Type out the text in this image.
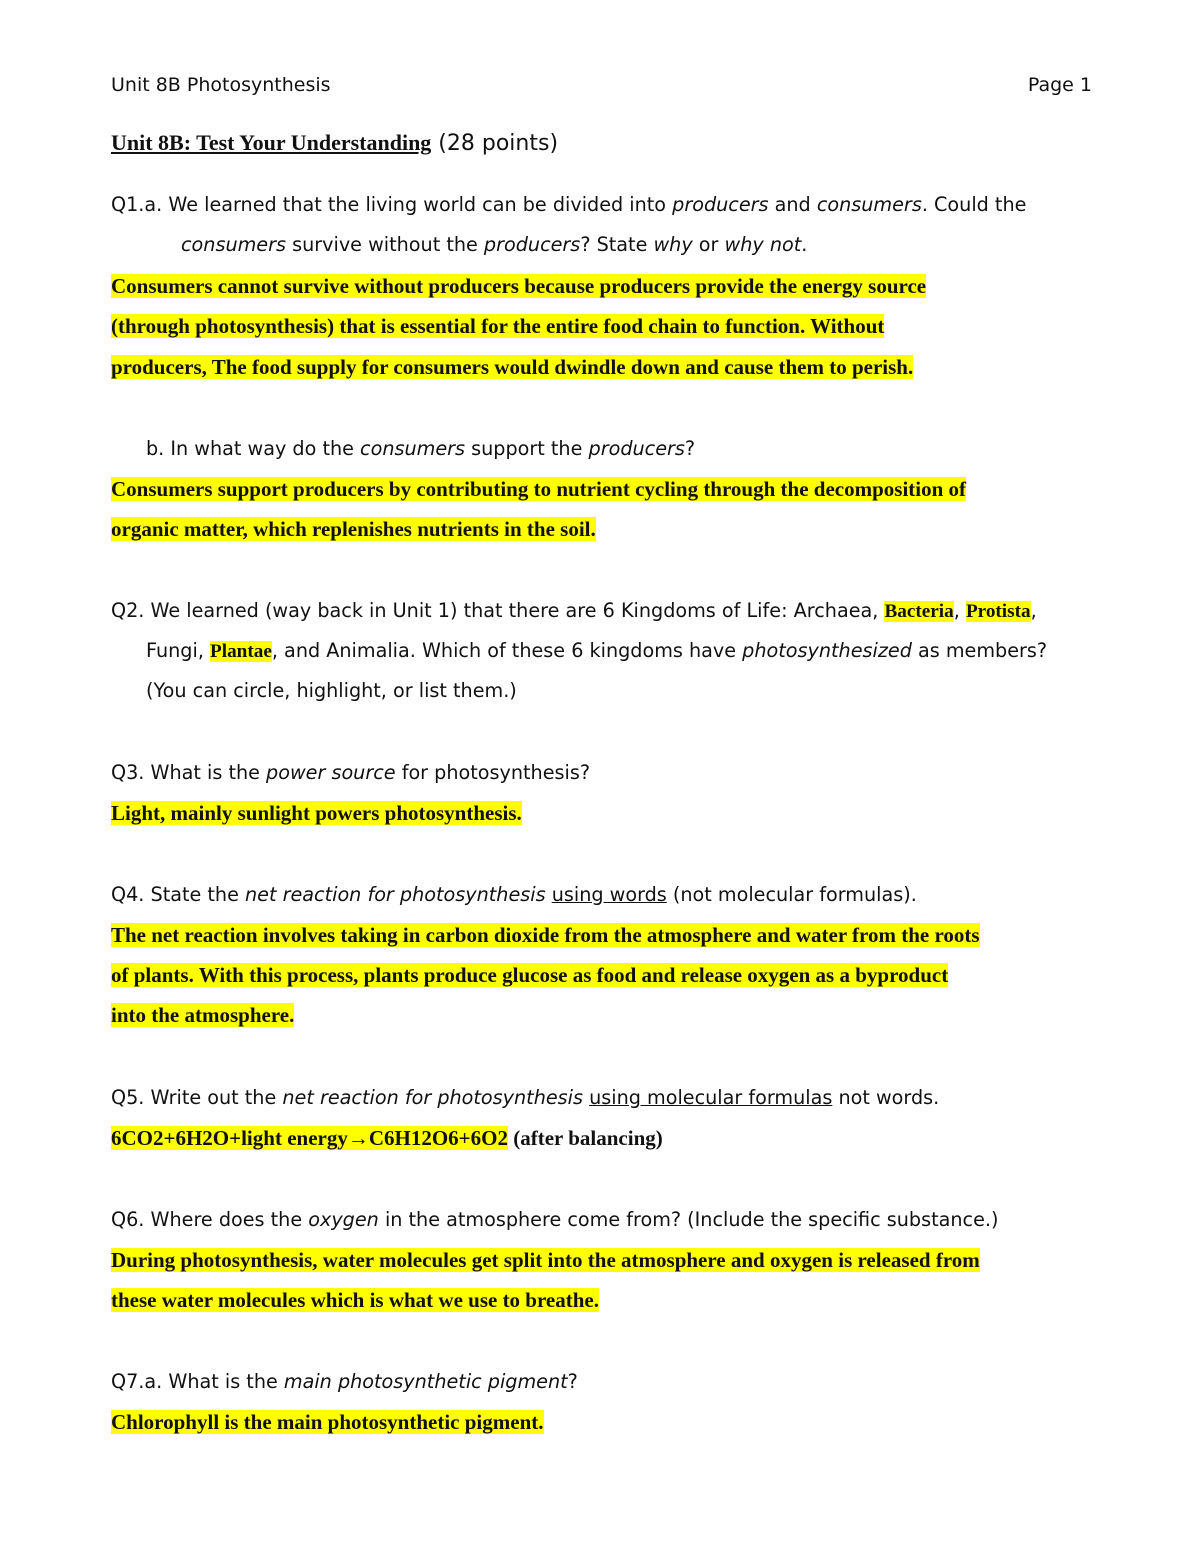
Unit 8B Photosynthesis	Page 1
Unit 8B: Test Your Understanding (28 points)
Q1.a. We learned that the living world can be divided into producers and consumers. Could the
consumers survive without the producers? State why or why not.
Consumers cannot survive without producers because producers provide the energy source
(through photosynthesis) that is essential for the entire food chain to function. Without
producers, The food supply for consumers would dwindle down and cause them to perish.
b. In what way do the consumers support the producers?
Consumers support producers by contributing to nutrient cycling through the decomposition of
organic matter, which replenishes nutrients in the soil.
Q2. We learned (way back in Unit 1) that there are 6 Kingdoms of Life: Archaea, Bacteria, Protista,
Fungi, Plantae, and Animalia. Which of these 6 kingdoms have photosynthesized as members?
(You can circle, highlight, or list them.)
Q3. What is the power source for photosynthesis?
Light, mainly sunlight powers photosynthesis.
Q4. State the net reaction for photosynthesis using words (not molecular formulas).
The net reaction involves taking in carbon dioxide from the atmosphere and water from the roots
of plants. With this process, plants produce glucose as food and release oxygen as a byproduct
into the atmosphere.
Q5. Write out the net reaction for photosynthesis using molecular formulas not words.
6CO2+6H2O+light energy→C6H12O6+6O2 (after balancing)
Q6. Where does the oxygen in the atmosphere come from? (Include the specific substance.)
During photosynthesis, water molecules get split into the atmosphere and oxygen is released from
these water molecules which is what we use to breathe.
Q7.a. What is the main photosynthetic pigment?
Chlorophyll is the main photosynthetic pigment.
